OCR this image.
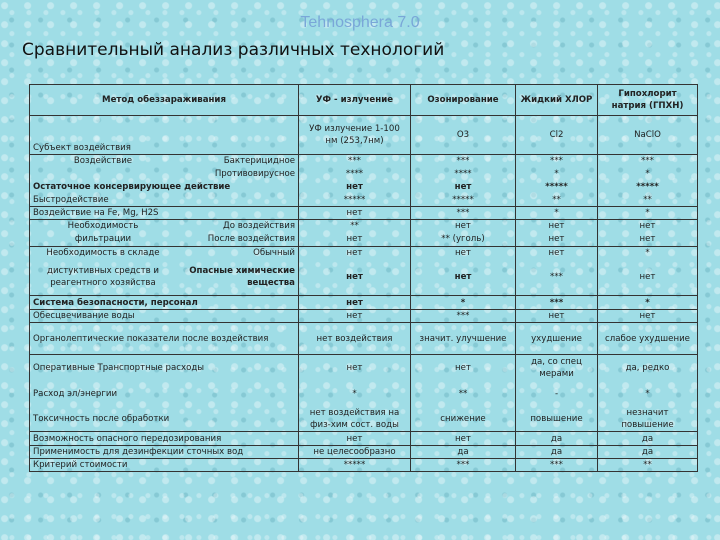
Tehnosphera 7.0
Сравнительный анализ различных технологий
Метод обеззараживания	УФ - излучение	Озонирование	Жидкий ХЛОР	Гипохлорит натрия (ГПХН)
Субъект воздействия	УФ излучение 1-100 нм (253,7нм)	O3	Cl2	NaClO

Воздействие Бактерицидное	***	***	***	***

Противовирусное	****	****	*	*
Остаточное консервирующее действие	нет	нет	*****	*****
Быстродействие	*****	*****	**	**
Воздействие на Fe, Mg, H2S	нет	***	*	*

Необходимость До воздействия	**	нет	нет	нет

фильтрации После воздействия	нет	** (уголь)	нет	нет

Необходимость в складе Обычный	нет	нет	нет	*

дистуктивных средств и реагентного хозяйства
Опасные химические вещества	нет	нет	***	нет
Система безопасности, персонал	нет	*	***	*
Обесцвечивание воды	нет	***	нет	нет
Органолептические показатели после воздействия	нет воздействия	значит. улучшение	ухудшение	слабое ухудшение
Оперативные Транспортные расходы	нет	нет	да, со спец мерами	да, редко
Расход эл/энергии	*	**	-	*
Токсичность после обработки	нет воздействия на физ-хим сост. воды	снижение	повышение	незначит повышение
Возможность опасного передозирования	нет	нет	да	да
Применимость для дезинфекции сточных вод	не целесообразно	да	да	да
Критерий стоимости	*****	***	***	**
